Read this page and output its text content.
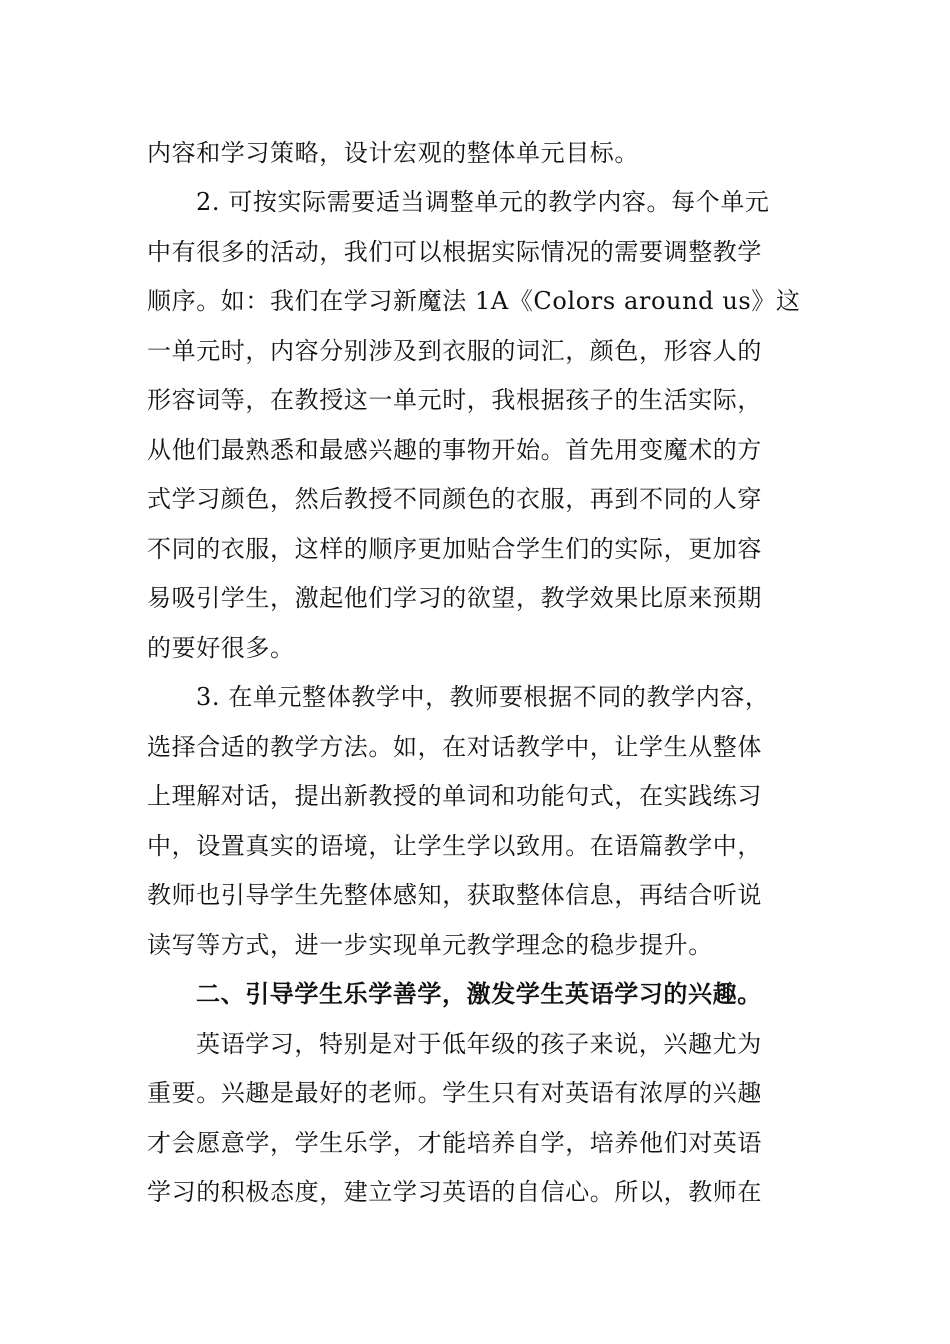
内容和学习策略，设计宏观的整体单元目标。
2. 可按实际需要适当调整单元的教学内容。每个单元
中有很多的活动，我们可以根据实际情况的需要调整教学
顺序。如：我们在学习新魔法 1A《Colors around us》这
一单元时，内容分别涉及到衣服的词汇，颜色，形容人的
形容词等，在教授这一单元时，我根据孩子的生活实际，
从他们最熟悉和最感兴趣的事物开始。首先用变魔术的方
式学习颜色，然后教授不同颜色的衣服，再到不同的人穿
不同的衣服，这样的顺序更加贴合学生们的实际，更加容
易吸引学生，激起他们学习的欲望，教学效果比原来预期
的要好很多。
3. 在单元整体教学中，教师要根据不同的教学内容，
选择合适的教学方法。如，在对话教学中，让学生从整体
上理解对话，提出新教授的单词和功能句式，在实践练习
中，设置真实的语境，让学生学以致用。在语篇教学中，
教师也引导学生先整体感知，获取整体信息，再结合听说
读写等方式，进一步实现单元教学理念的稳步提升。
二、引导学生乐学善学，激发学生英语学习的兴趣。
英语学习，特别是对于低年级的孩子来说，兴趣尤为
重要。兴趣是最好的老师。学生只有对英语有浓厚的兴趣
才会愿意学，学生乐学，才能培养自学，培养他们对英语
学习的积极态度，建立学习英语的自信心。所以，教师在
